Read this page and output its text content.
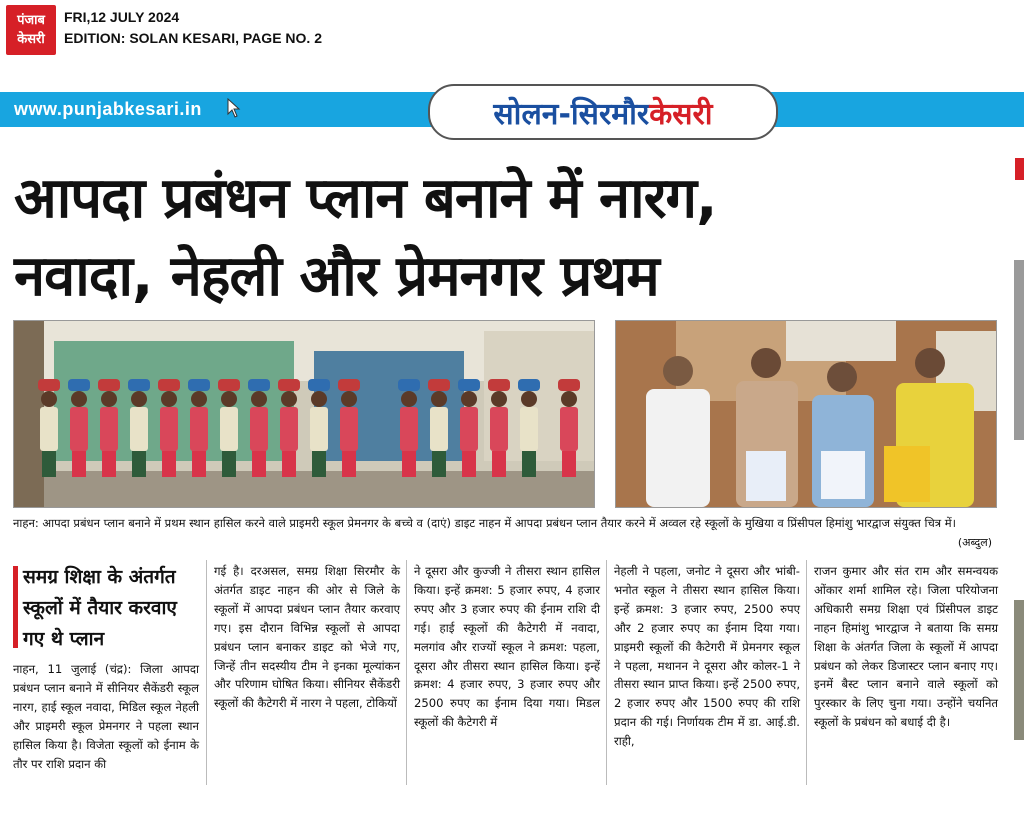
पंजाब
केसरी
FRI,12 JULY 2024
EDITION: SOLAN KESARI, PAGE NO. 2
www.punjabkesari.in	सोलन-सिरमौर केसरी
आपदा प्रबंधन प्लान बनाने में नारग,
नवादा, नेहली और प्रेमनगर प्रथम
नाहन: आपदा प्रबंधन प्लान बनाने में प्रथम स्थान हासिल करने वाले प्राइमरी स्कूल प्रेमनगर के बच्चे व (दाएं) डाइट नाहन में आपदा प्रबंधन प्लान तैयार करने में अव्वल रहे स्कूलों के मुखिया व प्रिंसीपल हिमांशु भारद्वाज संयुक्त चित्र में।
(अब्दुल)
समग्र शिक्षा के अंतर्गत स्कूलों में तैयार करवाए गए थे प्लान
नाहन, 11 जुलाई (चंद्र): जिला आपदा प्रबंधन प्लान बनाने में सीनियर सैकेंडरी स्कूल नारग, हाई स्कूल नवादा, मिडिल स्कूल नेहली और प्राइमरी स्कूल प्रेमनगर ने पहला स्थान हासिल किया है। विजेता स्कूलों को ईनाम के तौर पर राशि प्रदान की
गई है। दरअसल, समग्र शिक्षा सिरमौर के अंतर्गत डाइट नाहन की ओर से जिले के स्कूलों में आपदा प्रबंधन प्लान तैयार करवाए गए। इस दौरान विभिन्न स्कूलों से आपदा प्रबंधन प्लान बनाकर डाइट को भेजे गए, जिन्हें तीन सदस्यीय टीम ने इनका मूल्यांकन और परिणाम घोषित किया। सीनियर सैकेंडरी स्कूलों की कैटेगरी में नारग ने पहला, टोकियों
ने दूसरा और कुज्जी ने तीसरा स्थान हासिल किया। इन्हें क्रमश: 5 हजार रुपए, 4 हजार रुपए और 3 हजार रुपए की ईनाम राशि दी गई। हाई स्कूलों की कैटेगरी में नवादा, मलगांव और राज्यों स्कूल ने क्रमश: पहला, दूसरा और तीसरा स्थान हासिल किया। इन्हें क्रमश: 4 हजार रुपए, 3 हजार रुपए और 2500 रुपए का ईनाम दिया गया। मिडल स्कूलों की कैटेगरी में
नेहली ने पहला, जनोट ने दूसरा और भांबी-भनोत स्कूल ने तीसरा स्थान हासिल किया। इन्हें क्रमश: 3 हजार रुपए, 2500 रुपए और 2 हजार रुपए का ईनाम दिया गया। प्राइमरी स्कूलों की कैटेगरी में प्रेमनगर स्कूल ने पहला, मथानन ने दूसरा और कोलर-1 ने तीसरा स्थान प्राप्त किया। इन्हें 2500 रुपए, 2 हजार रुपए और 1500 रुपए की राशि प्रदान की गई। निर्णायक टीम में डा. आई.डी. राही,
राजन कुमार और संत राम और समन्वयक ओंकार शर्मा शामिल रहे। जिला परियोजना अधिकारी समग्र शिक्षा एवं प्रिंसीपल डाइट नाहन हिमांशु भारद्वाज ने बताया कि समग्र शिक्षा के अंतर्गत जिला के स्कूलों में आपदा प्रबंधन को लेकर डिजास्टर प्लान बनाए गए। इनमें बैस्ट प्लान बनाने वाले स्कूलों को पुरस्कार के लिए चुना गया। उन्होंने चयनित स्कूलों के प्रबंधन को बधाई दी है।
